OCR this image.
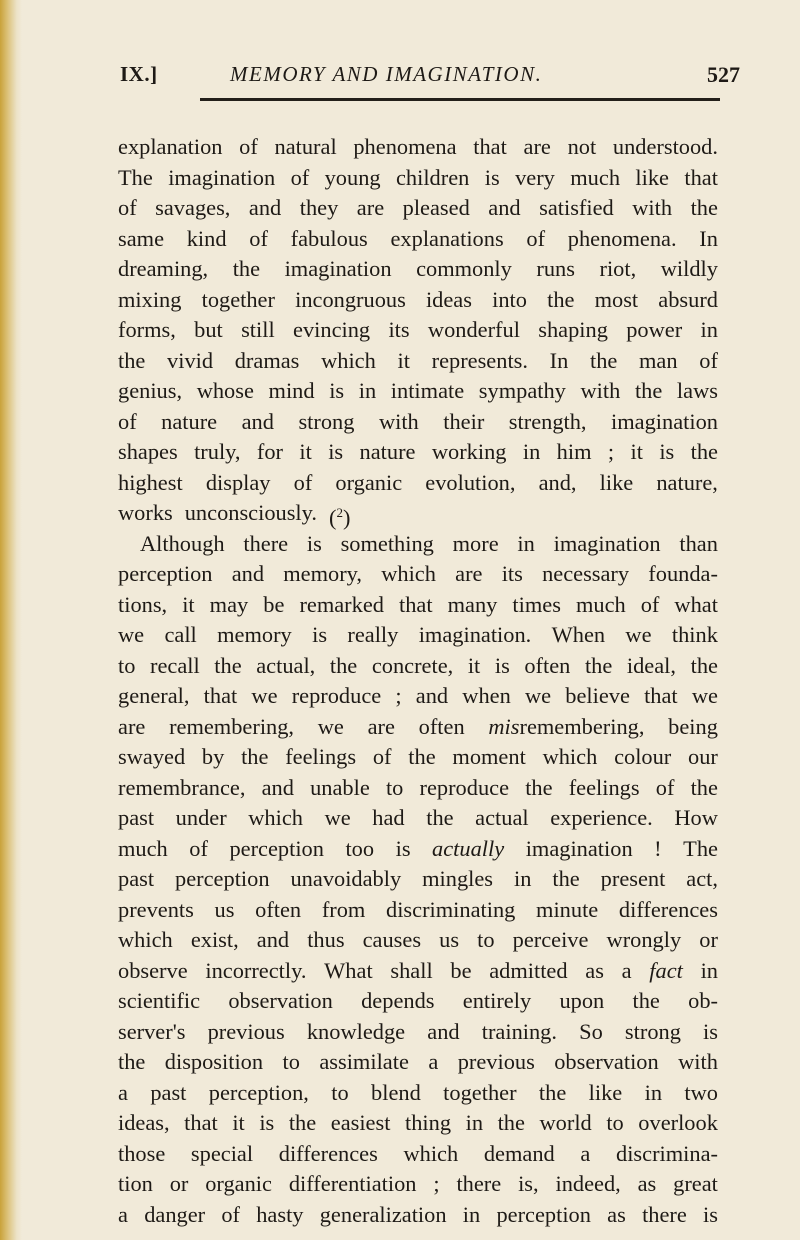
IX.]	MEMORY AND IMAGINATION.	527
explanation of natural phenomena that are not understood.
The imagination of young children is very much like that
of savages, and they are pleased and satisfied with the
same kind of fabulous explanations of phenomena. In
dreaming, the imagination commonly runs riot, wildly
mixing together incongruous ideas into the most absurd
forms, but still evincing its wonderful shaping power in
the vivid dramas which it represents. In the man of
genius, whose mind is in intimate sympathy with the laws
of nature and strong with their strength, imagination
shapes truly, for it is nature working in him ; it is the
highest display of organic evolution, and, like nature,
works unconsciously. ($^2$)
Although there is something more in imagination than
perception and memory, which are its necessary founda-
tions, it may be remarked that many times much of what
we call memory is really imagination. When we think
to recall the actual, the concrete, it is often the ideal, the
general, that we reproduce ; and when we believe that we
are remembering, we are often misremembering, being
swayed by the feelings of the moment which colour our
remembrance, and unable to reproduce the feelings of the
past under which we had the actual experience. How
much of perception too is actually imagination ! The
past perception unavoidably mingles in the present act,
prevents us often from discriminating minute differences
which exist, and thus causes us to perceive wrongly or
observe incorrectly. What shall be admitted as a fact in
scientific observation depends entirely upon the ob-
server's previous knowledge and training. So strong is
the disposition to assimilate a previous observation with
a past perception, to blend together the like in two
ideas, that it is the easiest thing in the world to overlook
those special differences which demand a discrimina-
tion or organic differentiation ; there is, indeed, as great
a danger of hasty generalization in perception as there is
